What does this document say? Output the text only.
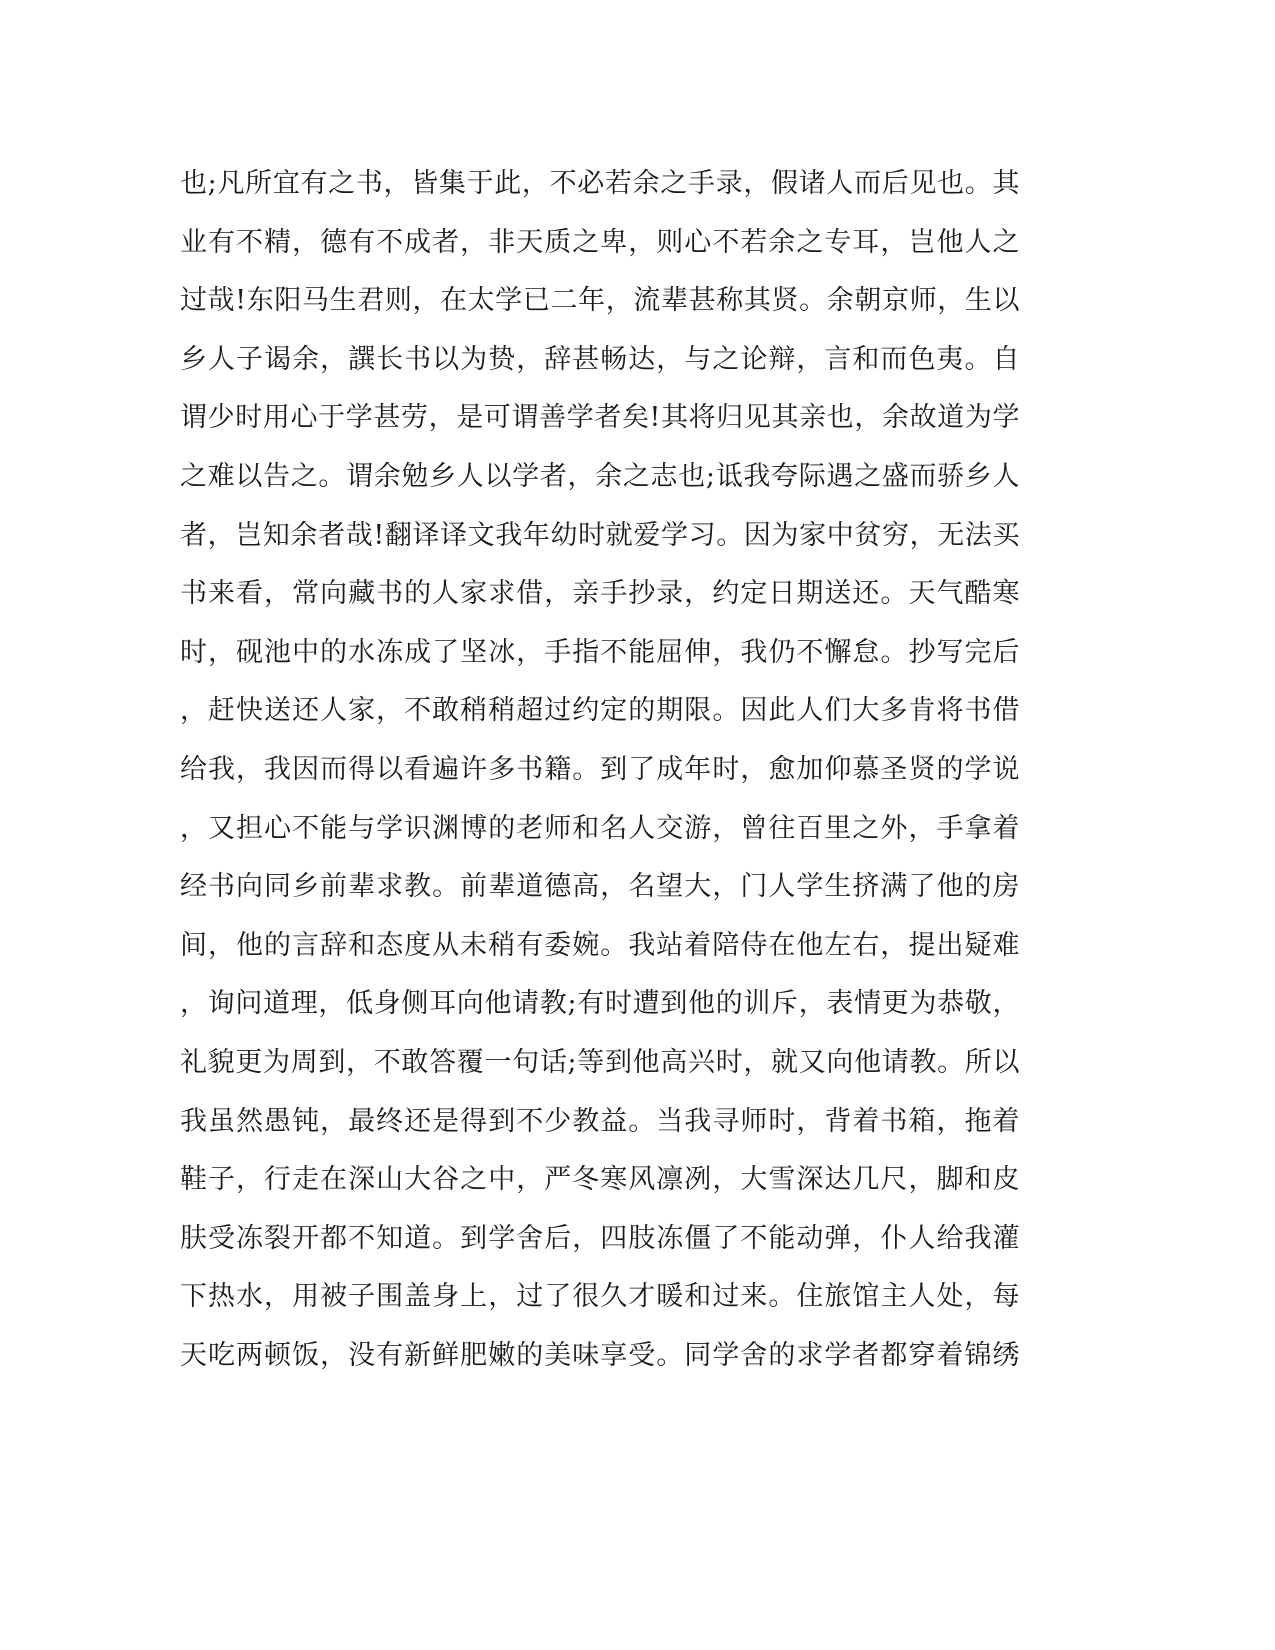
也;凡所宜有之书，皆集于此，不必若余之手录，假诸人而后见也。其
业有不精，德有不成者，非天质之卑，则心不若余之专耳，岂他人之
过哉!东阳马生君则，在太学已二年，流辈甚称其贤。余朝京师，生以
乡人子谒余，譔长书以为贽，辞甚畅达，与之论辩，言和而色夷。自
谓少时用心于学甚劳，是可谓善学者矣!其将归见其亲也，余故道为学
之难以告之。谓余勉乡人以学者，余之志也;诋我夸际遇之盛而骄乡人
者，岂知余者哉!翻译译文我年幼时就爱学习。因为家中贫穷，无法买
书来看，常向藏书的人家求借，亲手抄录，约定日期送还。天气酷寒
时，砚池中的水冻成了坚冰，手指不能屈伸，我仍不懈怠。抄写完后
，赶快送还人家，不敢稍稍超过约定的期限。因此人们大多肯将书借
给我，我因而得以看遍许多书籍。到了成年时，愈加仰慕圣贤的学说
，又担心不能与学识渊博的老师和名人交游，曾往百里之外，手拿着
经书向同乡前辈求教。前辈道德高，名望大，门人学生挤满了他的房
间，他的言辞和态度从未稍有委婉。我站着陪侍在他左右，提出疑难
，询问道理，低身侧耳向他请教;有时遭到他的训斥，表情更为恭敬，
礼貌更为周到，不敢答覆一句话;等到他高兴时，就又向他请教。所以
我虽然愚钝，最终还是得到不少教益。当我寻师时，背着书箱，拖着
鞋子，行走在深山大谷之中，严冬寒风凛冽，大雪深达几尺，脚和皮
肤受冻裂开都不知道。到学舍后，四肢冻僵了不能动弹，仆人给我灌
下热水，用被子围盖身上，过了很久才暖和过来。住旅馆主人处，每
天吃两顿饭，没有新鲜肥嫩的美味享受。同学舍的求学者都穿着锦绣
